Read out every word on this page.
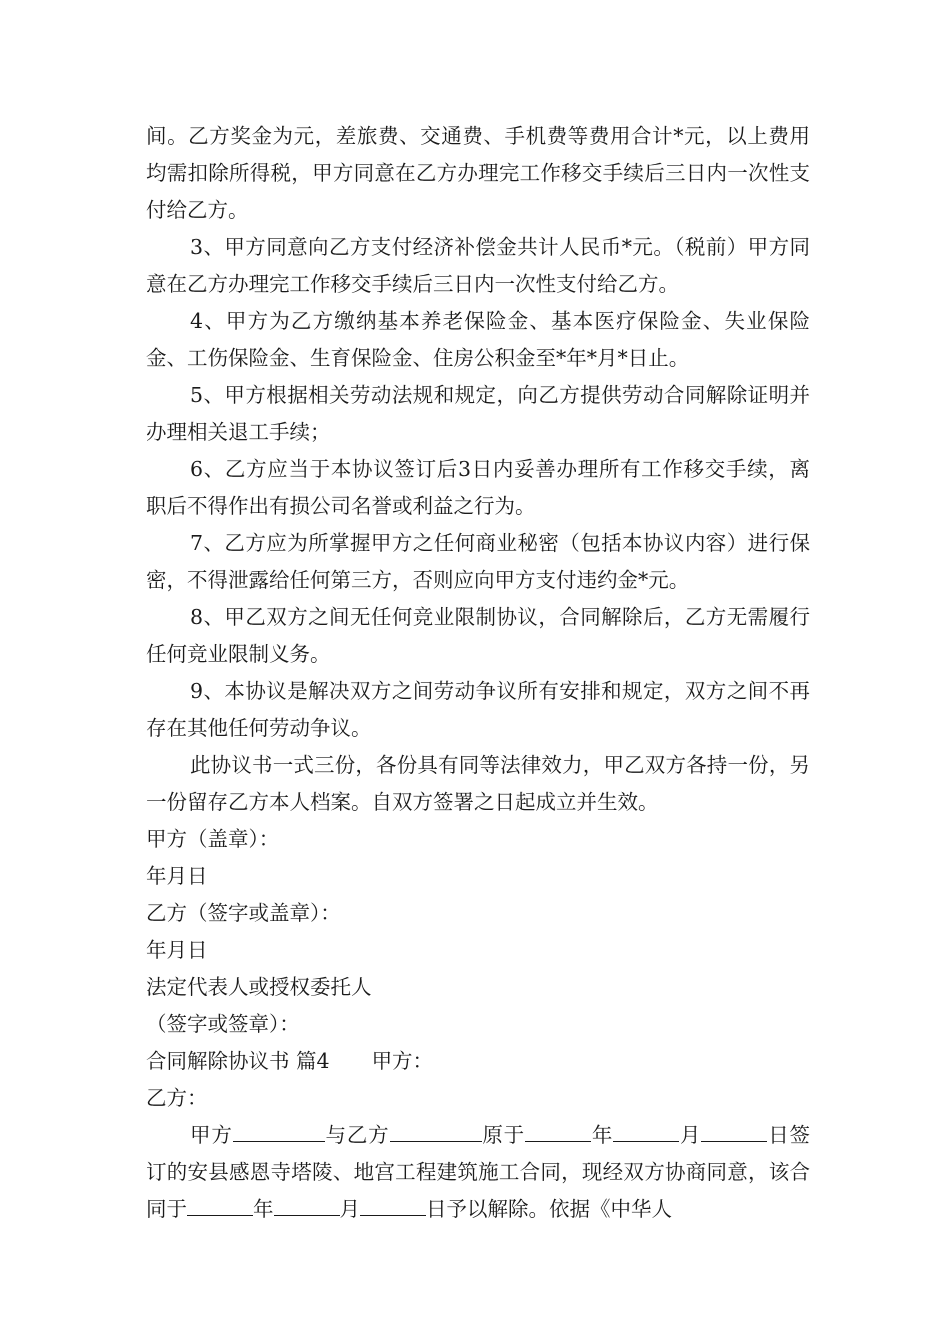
间。乙方奖金为元，差旅费、交通费、手机费等费用合计*元，以上费用均需扣除所得税，甲方同意在乙方办理完工作移交手续后三日内一次性支付给乙方。

3、甲方同意向乙方支付经济补偿金共计人民币*元。（税前）甲方同意在乙方办理完工作移交手续后三日内一次性支付给乙方。

4、甲方为乙方缴纳基本养老保险金、基本医疗保险金、失业保险金、工伤保险金、生育保险金、住房公积金至*年*月*日止。

5、甲方根据相关劳动法规和规定，向乙方提供劳动合同解除证明并办理相关退工手续；

6、乙方应当于本协议签订后3日内妥善办理所有工作移交手续，离职后不得作出有损公司名誉或利益之行为。

7、乙方应为所掌握甲方之任何商业秘密（包括本协议内容）进行保密，不得泄露给任何第三方，否则应向甲方支付违约金*元。

8、甲乙双方之间无任何竞业限制协议，合同解除后，乙方无需履行任何竞业限制义务。

9、本协议是解决双方之间劳动争议所有安排和规定，双方之间不再存在其他任何劳动争议。

此协议书一式三份，各份具有同等法律效力，甲乙双方各持一份，另一份留存乙方本人档案。自双方签署之日起成立并生效。

甲方（盖章）：

年月日

乙方（签字或盖章）：

年月日

法定代表人或授权委托人

（签字或签章）：

合同解除协议书 篇4 甲方：

乙方：

甲方	与乙方	原于	年	月	日签订的安县感恩寺塔陵、地宫工程建筑施工合同，现经双方协商同意，该合同于	年	月	日予以解除。依据《中华人
